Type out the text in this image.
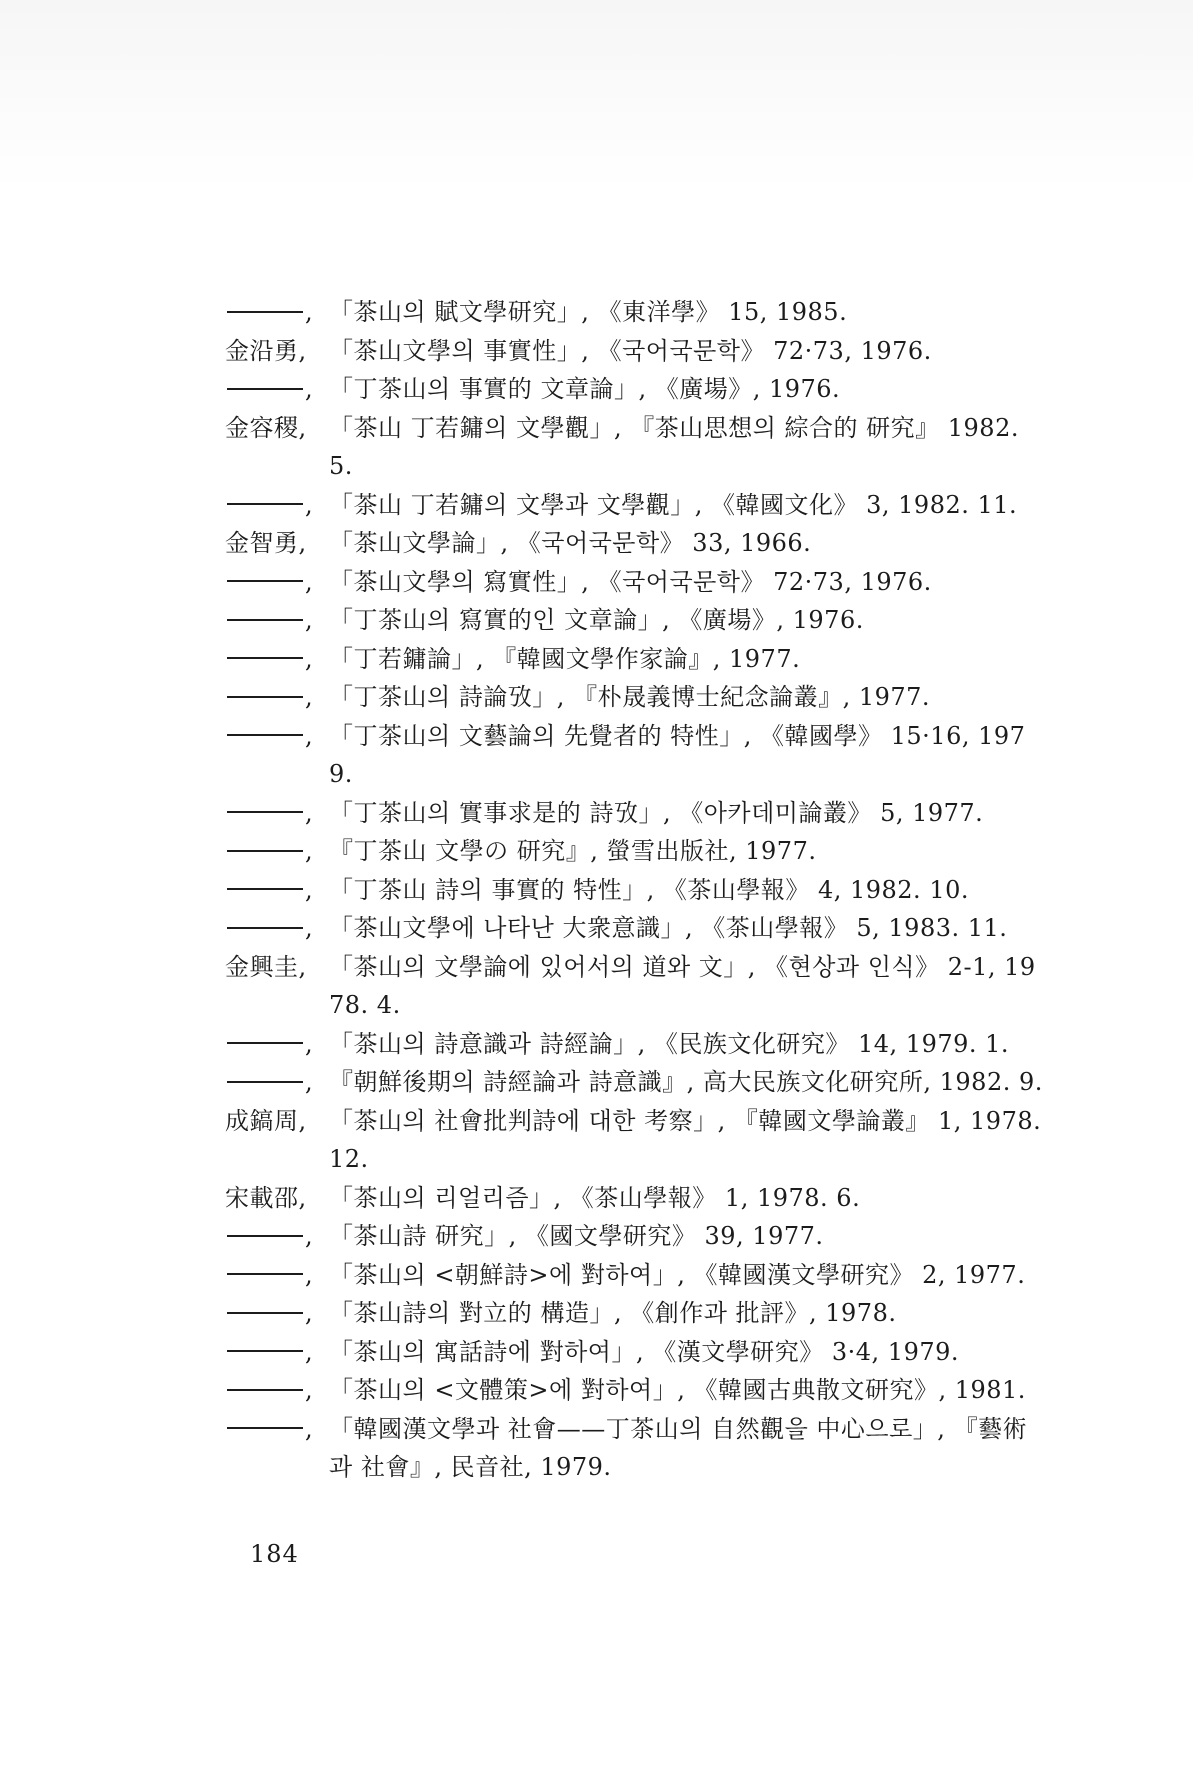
, 「茶山의 賦文學研究」, 《東洋學》 15, 1985.
金沿勇, 「茶山文學의 事實性」, 《국어국문학》 72·73, 1976.
, 「丁茶山의 事實的 文章論」, 《廣場》, 1976.
金容稷, 「茶山 丁若鏞의 文學觀」, 『茶山思想의 綜合的 研究』 1982. 5.
, 「茶山 丁若鏞의 文學과 文學觀」, 《韓國文化》 3, 1982. 11.
金智勇, 「茶山文學論」, 《국어국문학》 33, 1966.
, 「茶山文學의 寫實性」, 《국어국문학》 72·73, 1976.
, 「丁茶山의 寫實的인 文章論」, 《廣場》, 1976.
, 「丁若鏞論」, 『韓國文學作家論』, 1977.
, 「丁茶山의 詩論攷」, 『朴晟義博士紀念論叢』, 1977.
, 「丁茶山의 文藝論의 先覺者的 特性」, 《韓國學》 15·16, 1979.
, 「丁茶山의 實事求是的 詩攷」, 《아카데미論叢》 5, 1977.
, 『丁茶山 文學の 研究』, 螢雪出版社, 1977.
, 「丁茶山 詩의 事實的 特性」, 《茶山學報》 4, 1982. 10.
, 「茶山文學에 나타난 大衆意識」, 《茶山學報》 5, 1983. 11.
金興圭, 「茶山의 文學論에 있어서의 道와 文」, 《현상과 인식》 2-1, 1978. 4.
, 「茶山의 詩意識과 詩經論」, 《民族文化研究》 14, 1979. 1.
, 『朝鮮後期의 詩經論과 詩意識』, 高大民族文化研究所, 1982. 9.
成鎬周, 「茶山의 社會批判詩에 대한 考察」, 『韓國文學論叢』 1, 1978. 12.
宋載邵, 「茶山의 리얼리즘」, 《茶山學報》 1, 1978. 6.
, 「茶山詩 研究」, 《國文學研究》 39, 1977.
, 「茶山의 <朝鮮詩>에 對하여」, 《韓國漢文學研究》 2, 1977.
, 「茶山詩의 對立的 構造」, 《創作과 批評》, 1978.
, 「茶山의 寓話詩에 對하여」, 《漢文學研究》 3·4, 1979.
, 「茶山의 <文體策>에 對하여」, 《韓國古典散文研究》, 1981.
, 「韓國漢文學과 社會——丁茶山의 自然觀을 中心으로」, 『藝術과 社會』, 民音社, 1979.
184
